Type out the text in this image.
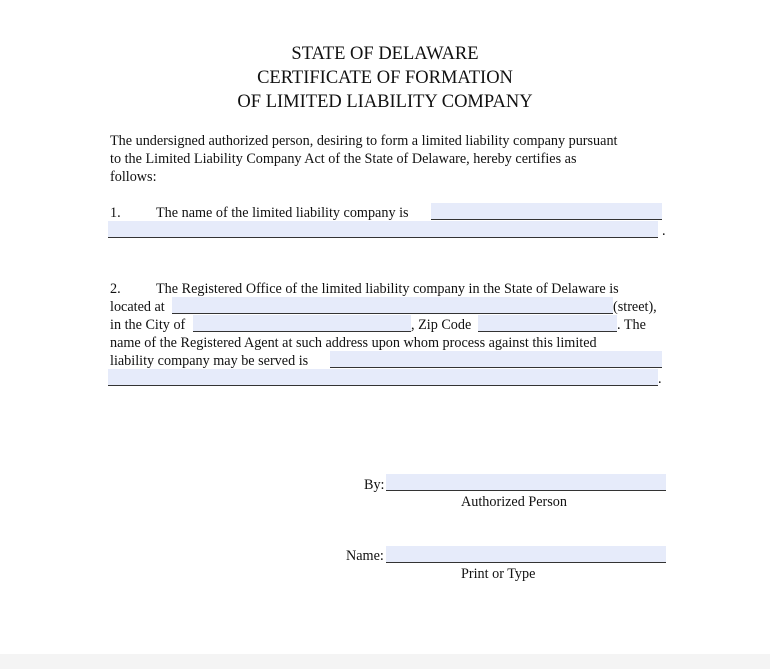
STATE OF DELAWARE
CERTIFICATE OF FORMATION
OF LIMITED LIABILITY COMPANY
The undersigned authorized person, desiring to form a limited liability company pursuant
to the Limited Liability Company Act of the State of Delaware, hereby certifies as
follows:
1. The name of the limited liability company is
.
2. The Registered Office of the limited liability company in the State of Delaware is
located at	(street),
in the City of	, Zip Code	. The
name of the Registered Agent at such address upon whom process against this limited
liability company may be served is
.
By:
Authorized Person
Name:
Print or Type
